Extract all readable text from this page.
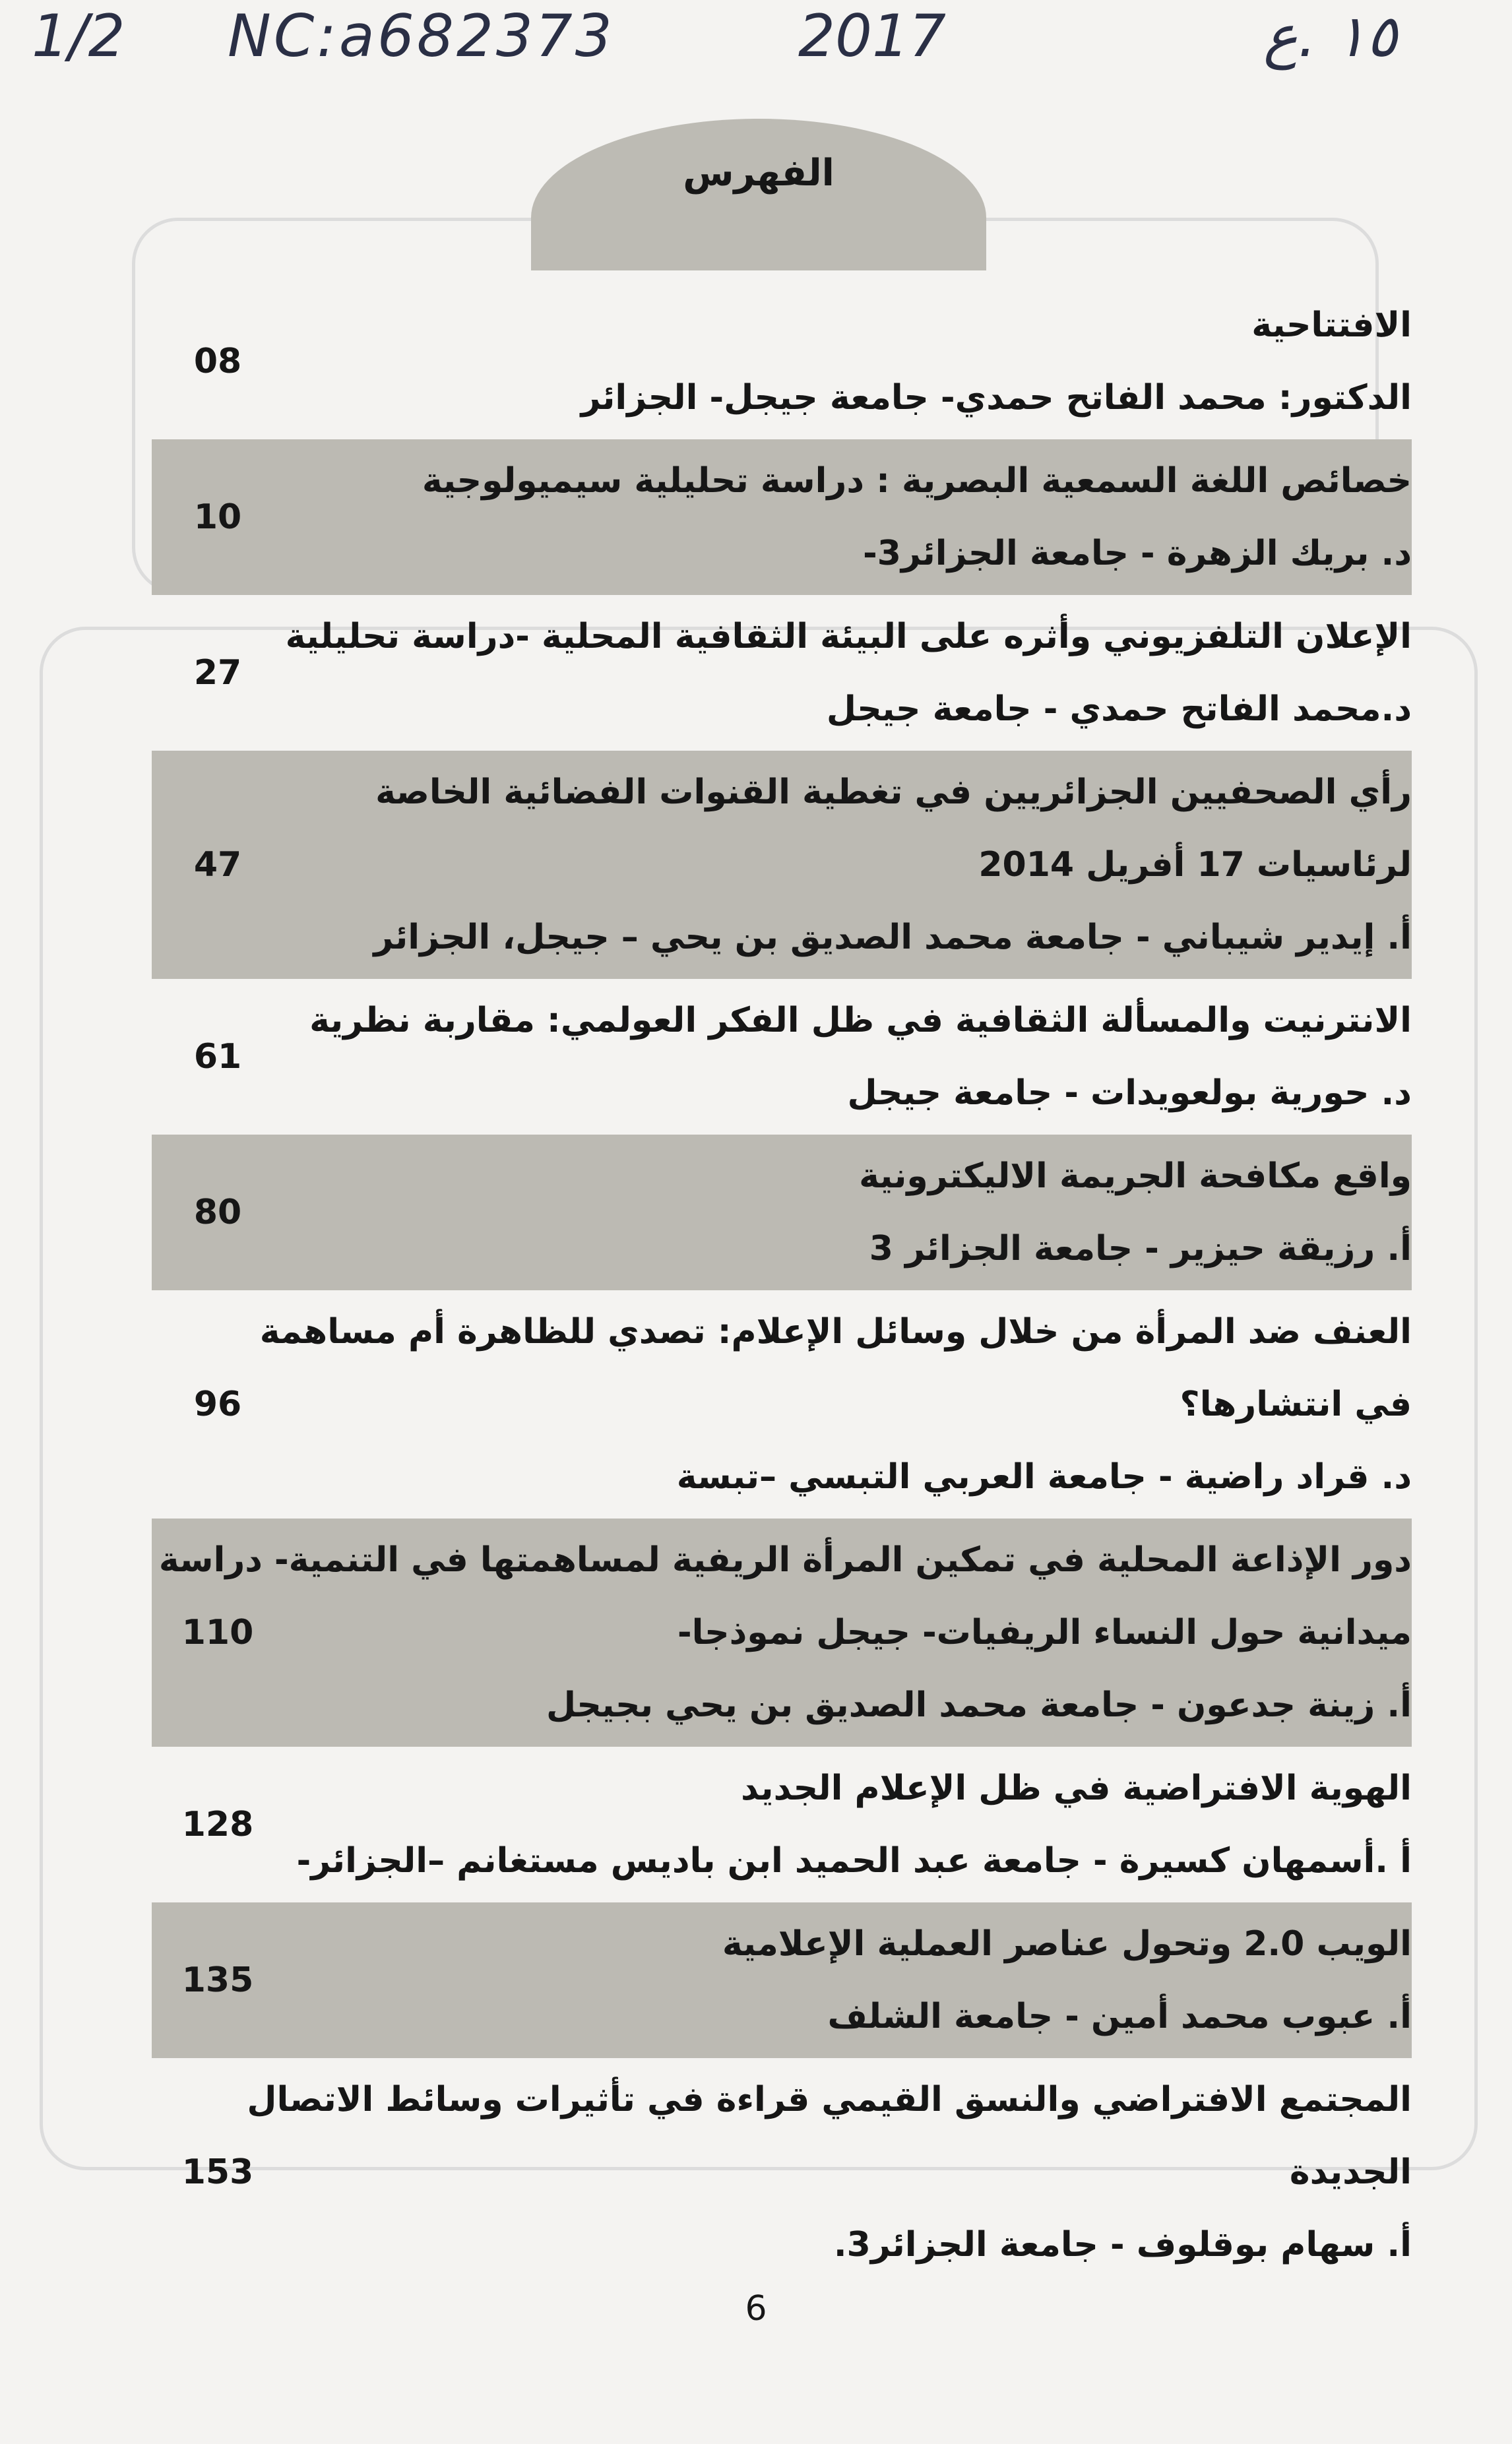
1/2 NC:a682373	2017	١٥ .ع
الفهرس
08
الافتتاحية
الدكتور: محمد الفاتح حمدي- جامعة جيجل- الجزائر
10
خصائص اللغة السمعية البصرية : دراسة تحليلية سيميولوجية
د. بريك الزهرة - جامعة الجزائر3-
27
الإعلان التلفزيوني وأثره على البيئة الثقافية المحلية -دراسة تحليلية
د.محمد الفاتح حمدي - جامعة جيجل
47
رأي الصحفيين الجزائريين في تغطية القنوات الفضائية الخاصة
لرئاسيات 17 أفريل 2014
أ. إيدير شيباني - جامعة محمد الصديق بن يحي – جيجل، الجزائر
61
الانترنيت والمسألة الثقافية في ظل الفكر العولمي: مقاربة نظرية
د. حورية بولعويدات - جامعة جيجل
80
واقع مكافحة الجريمة الاليكترونية
أ. رزيقة حيزير - جامعة الجزائر 3
96
العنف ضد المرأة من خلال وسائل الإعلام: تصدي للظاهرة أم مساهمة
في انتشارها؟
د. قراد راضية - جامعة العربي التبسي –تبسة
110
دور الإذاعة المحلية في تمكين المرأة الريفية لمساهمتها في التنمية- دراسة
ميدانية حول النساء الريفيات- جيجل نموذجا-
أ. زينة جدعون - جامعة محمد الصديق بن يحي بجيجل
128
الهوية الافتراضية في ظل الإعلام الجديد
أ .أسمهان كسيرة - جامعة عبد الحميد ابن باديس مستغانم –الجزائر-
135
الويب 2.0 وتحول عناصر العملية الإعلامية
أ. عبوب محمد أمين - جامعة الشلف
153
المجتمع الافتراضي والنسق القيمي قراءة في تأثيرات وسائط الاتصال
الجديدة
أ. سهام بوقلوف - جامعة الجزائر3.
6
